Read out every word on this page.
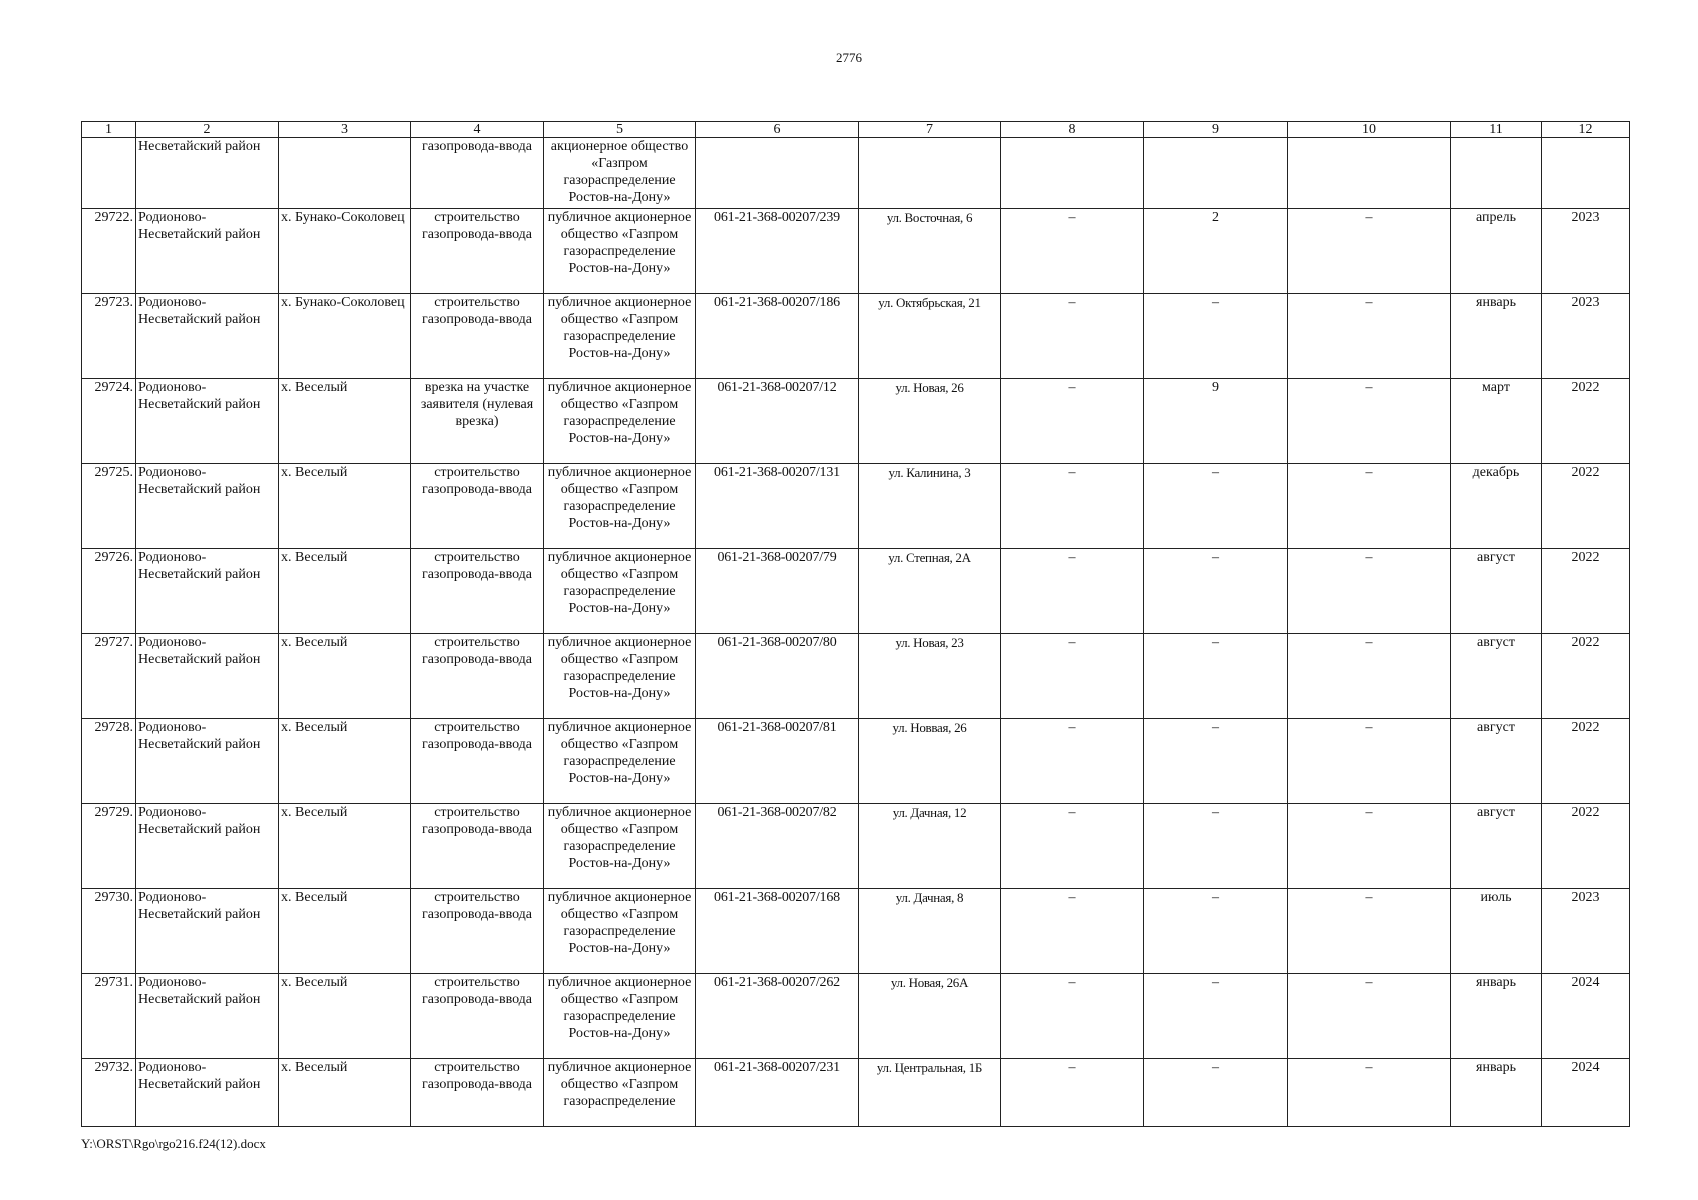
2776
1	2	3	4	5	6	7	8	9	10	11	12
	Несветайский район		газопровода-ввода	акционерное общество «Газпром газораспределение Ростов-на-Дону»							
29722.	Родионово-Несветайский район	х. Бунако-Соколовец	строительство газопровода-ввода	публичное акционерное общество «Газпром газораспределение Ростов-на-Дону»	061-21-368-00207/239	ул. Восточная, 6	–	2	–	апрель	2023
29723.	Родионово-Несветайский район	х. Бунако-Соколовец	строительство газопровода-ввода	публичное акционерное общество «Газпром газораспределение Ростов-на-Дону»	061-21-368-00207/186	ул. Октябрьская, 21	–	–	–	январь	2023
29724.	Родионово-Несветайский район	х. Веселый	врезка на участке заявителя (нулевая врезка)	публичное акционерное общество «Газпром газораспределение Ростов-на-Дону»	061-21-368-00207/12	ул. Новая, 26	–	9	–	март	2022
29725.	Родионово-Несветайский район	х. Веселый	строительство газопровода-ввода	публичное акционерное общество «Газпром газораспределение Ростов-на-Дону»	061-21-368-00207/131	ул. Калинина, 3	–	–	–	декабрь	2022
29726.	Родионово-Несветайский район	х. Веселый	строительство газопровода-ввода	публичное акционерное общество «Газпром газораспределение Ростов-на-Дону»	061-21-368-00207/79	ул. Степная, 2А	–	–	–	август	2022
29727.	Родионово-Несветайский район	х. Веселый	строительство газопровода-ввода	публичное акционерное общество «Газпром газораспределение Ростов-на-Дону»	061-21-368-00207/80	ул. Новая, 23	–	–	–	август	2022
29728.	Родионово-Несветайский район	х. Веселый	строительство газопровода-ввода	публичное акционерное общество «Газпром газораспределение Ростов-на-Дону»	061-21-368-00207/81	ул. Новвая, 26	–	–	–	август	2022
29729.	Родионово-Несветайский район	х. Веселый	строительство газопровода-ввода	публичное акционерное общество «Газпром газораспределение Ростов-на-Дону»	061-21-368-00207/82	ул. Дачная, 12	–	–	–	август	2022
29730.	Родионово-Несветайский район	х. Веселый	строительство газопровода-ввода	публичное акционерное общество «Газпром газораспределение Ростов-на-Дону»	061-21-368-00207/168	ул. Дачная, 8	–	–	–	июль	2023
29731.	Родионово-Несветайский район	х. Веселый	строительство газопровода-ввода	публичное акционерное общество «Газпром газораспределение Ростов-на-Дону»	061-21-368-00207/262	ул. Новая, 26А	–	–	–	январь	2024
29732.	Родионово-Несветайский район	х. Веселый	строительство газопровода-ввода	публичное акционерное общество «Газпром газораспределение	061-21-368-00207/231	ул. Центральная, 1Б	–	–	–	январь	2024
Y:\ORST\Rgo\rgo216.f24(12).docx
